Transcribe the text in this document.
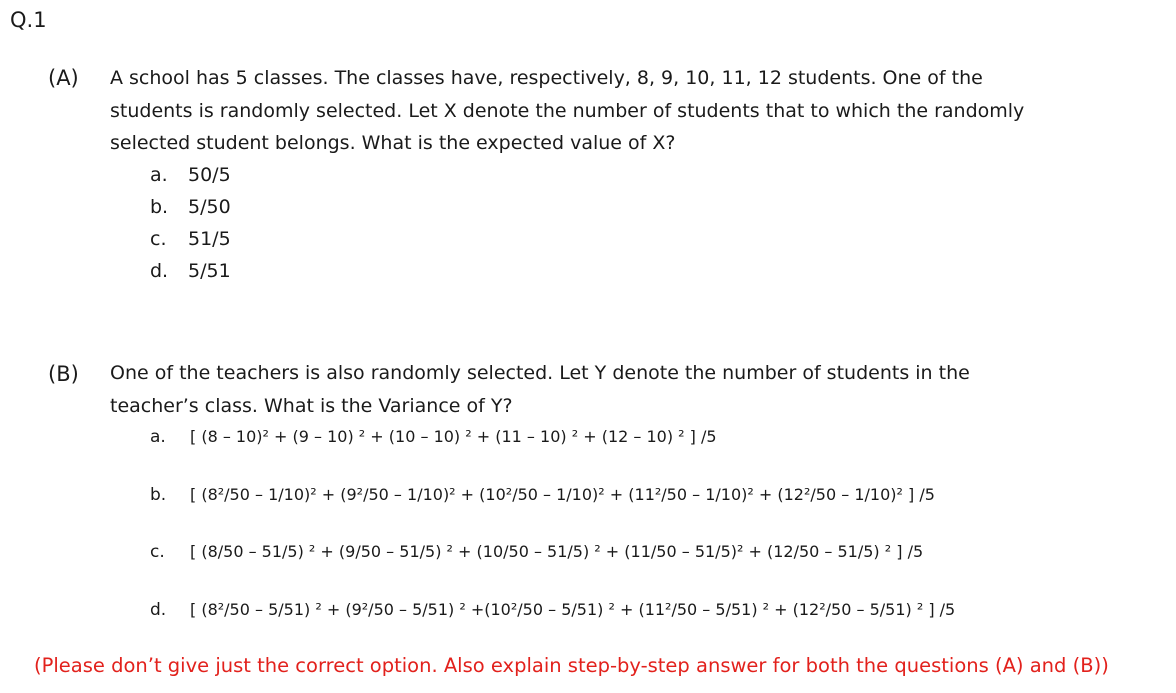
Q.1
(A) A school has 5 classes. The classes have, respectively, 8, 9, 10, 11, 12 students. One of the
students is randomly selected. Let X denote the number of students that to which the randomly
selected student belongs. What is the expected value of X?
a. 50/5
b. 5/50
c. 51/5
d. 5/51
(B) One of the teachers is also randomly selected. Let Y denote the number of students in the
teacher’s class. What is the Variance of Y?
a. [ (8 – 10)² + (9 – 10) ² + (10 – 10) ² + (11 – 10) ² + (12 – 10) ² ] /5
b. [ (8²/50 – 1/10)² + (9²/50 – 1/10)² + (10²/50 – 1/10)² + (11²/50 – 1/10)² + (12²/50 – 1/10)² ] /5
c. [ (8/50 – 51/5) ² + (9/50 – 51/5) ² + (10/50 – 51/5) ² + (11/50 – 51/5)² + (12/50 – 51/5) ² ] /5
d. [ (8²/50 – 5/51) ² + (9²/50 – 5/51) ² +(10²/50 – 5/51) ² + (11²/50 – 5/51) ² + (12²/50 – 5/51) ² ] /5
(Please don’t give just the correct option. Also explain step-by-step answer for both the questions (A) and (B))
